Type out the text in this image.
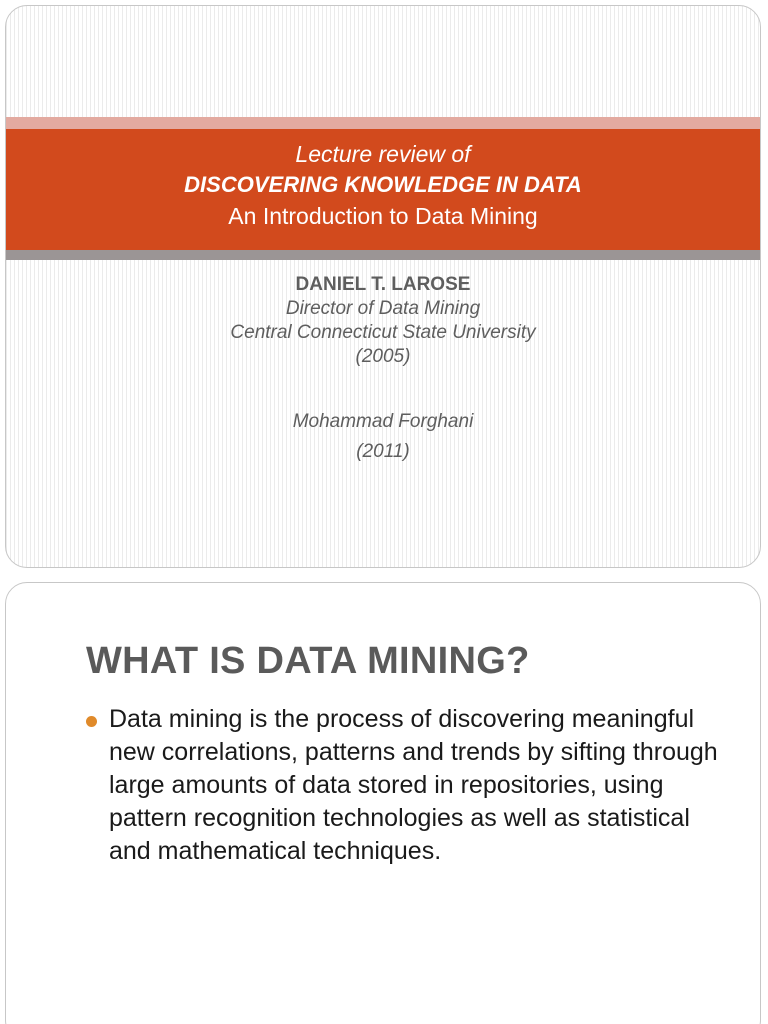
Lecture review of
DISCOVERING KNOWLEDGE IN DATA
An Introduction to Data Mining
DANIEL T. LAROSE
Director of Data Mining
Central Connecticut State University
(2005)
Mohammad Forghani
(2011)
WHAT IS DATA MINING?
Data mining is the process of discovering meaningful new correlations, patterns and trends by sifting through large amounts of data stored in repositories, using pattern recognition technologies as well as statistical and mathematical techniques.
